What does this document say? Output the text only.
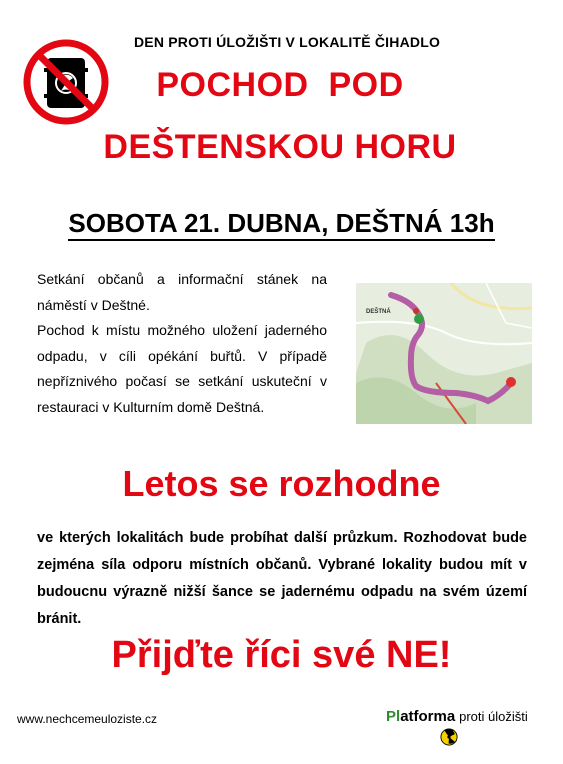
DEN PROTI ÚLOŽIŠTI V LOKALITĚ ČIHADLO
POCHOD  POD
DEŠTENSKOU HORU
SOBOTA 21. DUBNA, DEŠTNÁ 13h

Setkání občanů a informační stánek na náměstí v Deštné.

Pochod k místu možného uložení jaderného odpadu, v cíli opékání buřtů. V případě nepříznivého počasí se setkání uskuteční v restauraci v Kulturním domě Deštná.

DEŠTNÁ
Letos se rozhodne
ve kterých lokalitách bude probíhat další průzkum. Rozhodovat bude zejména síla odporu místních občanů. Vybrané lokality budou mít v budoucnu výrazně nižší šance se jadernému odpadu na svém území bránit.
Přijďte říci své NE!
www.nechcemeuloziste.cz	Platforma proti úložišti
